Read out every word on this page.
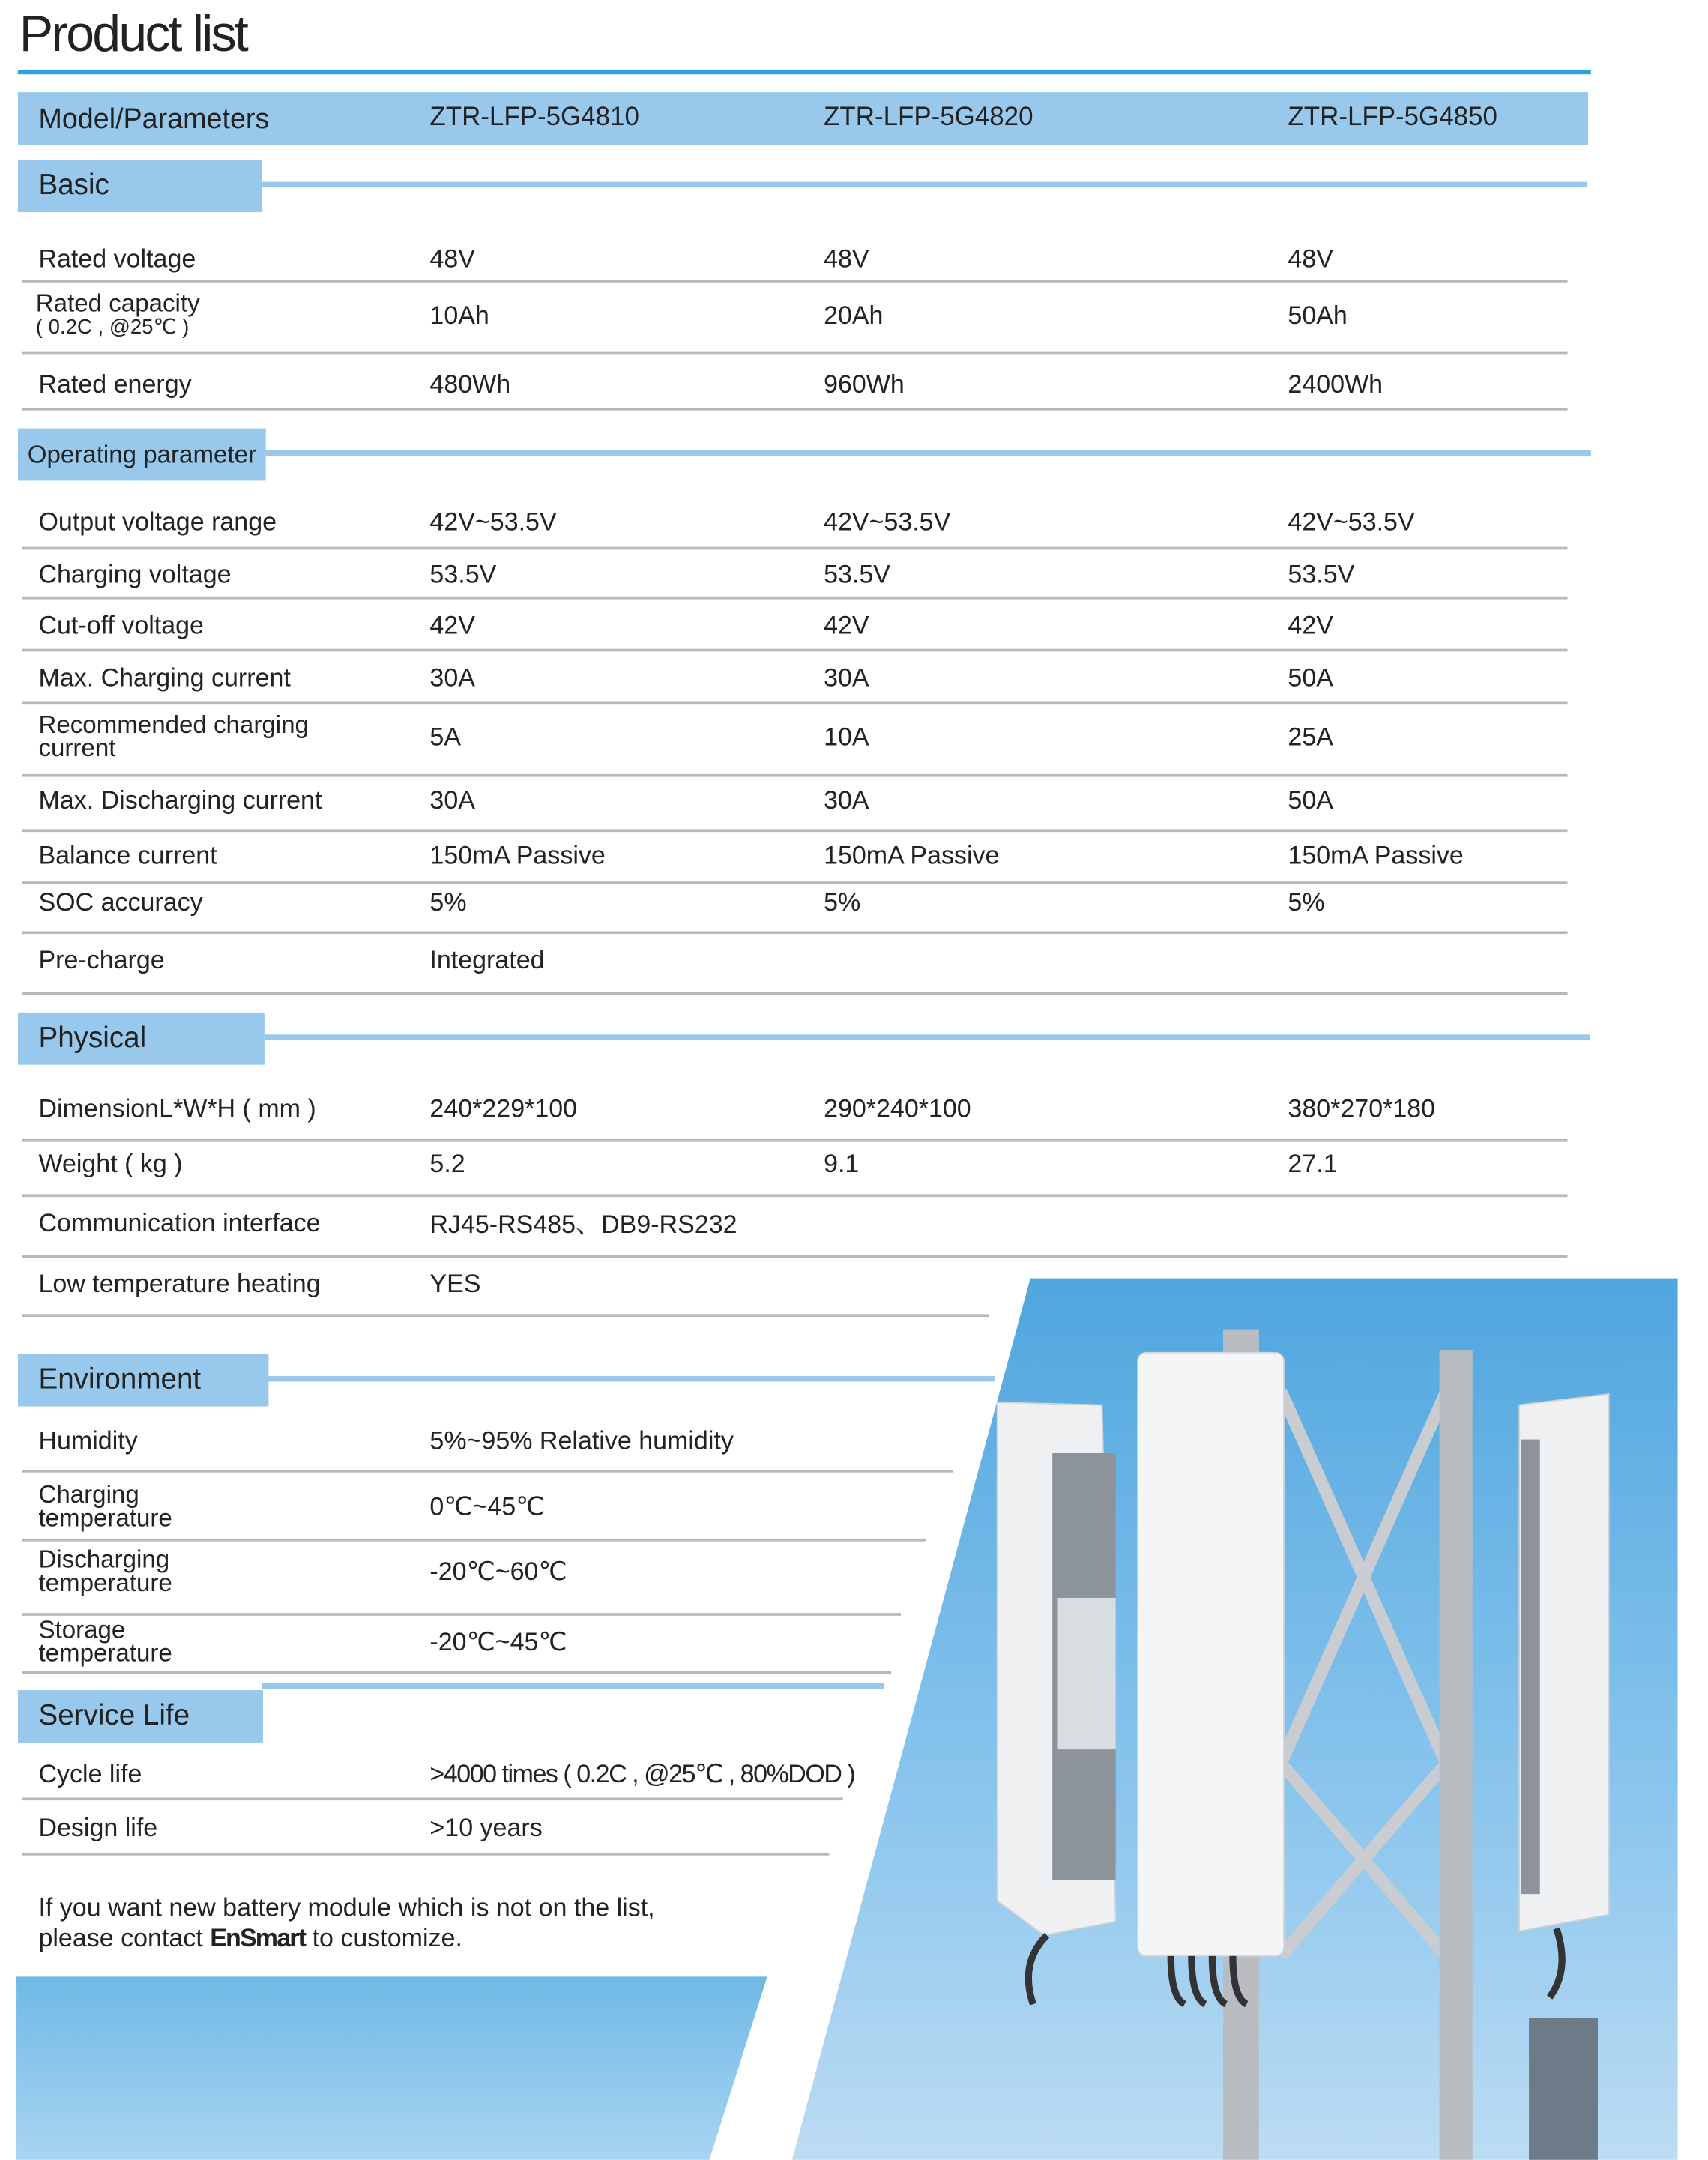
Product list
Model/Parameters	ZTR-LFP-5G4810	ZTR-LFP-5G4820	ZTR-LFP-5G4850
Basic
Rated voltage	48V	48V	48V
Rated capacity
( 0.2C , @25℃ )	10Ah	20Ah	50Ah
Rated energy	480Wh	960Wh	2400Wh
Operating parameter
Output voltage range	42V~53.5V	42V~53.5V	42V~53.5V
Charging voltage	53.5V	53.5V	53.5V
Cut-off voltage	42V	42V	42V
Max. Charging current	30A	30A	50A
Recommended charging
current	5A	10A	25A
Max. Discharging current	30A	30A	50A
Balance current	150mA Passive	150mA Passive	150mA Passive
SOC accuracy	5%	5%	5%
Pre-charge	Integrated
Physical
DimensionL*W*H ( mm )	240*229*100	290*240*100	380*270*180
Weight ( kg )	5.2	9.1	27.1
Communication interface	RJ45-RS485、DB9-RS232
Low temperature heating	YES
Environment
Humidity	5%~95% Relative humidity
Charging
temperature	0℃~45℃
Discharging
temperature	-20℃~60℃
Storage
temperature	-20℃~45℃
Service Life
Cycle life	>4000 times ( 0.2C , @25℃ , 80%DOD )
Design life	>10 years
If you want new battery module which is not on the list,
please contact EnSmart to customize.
